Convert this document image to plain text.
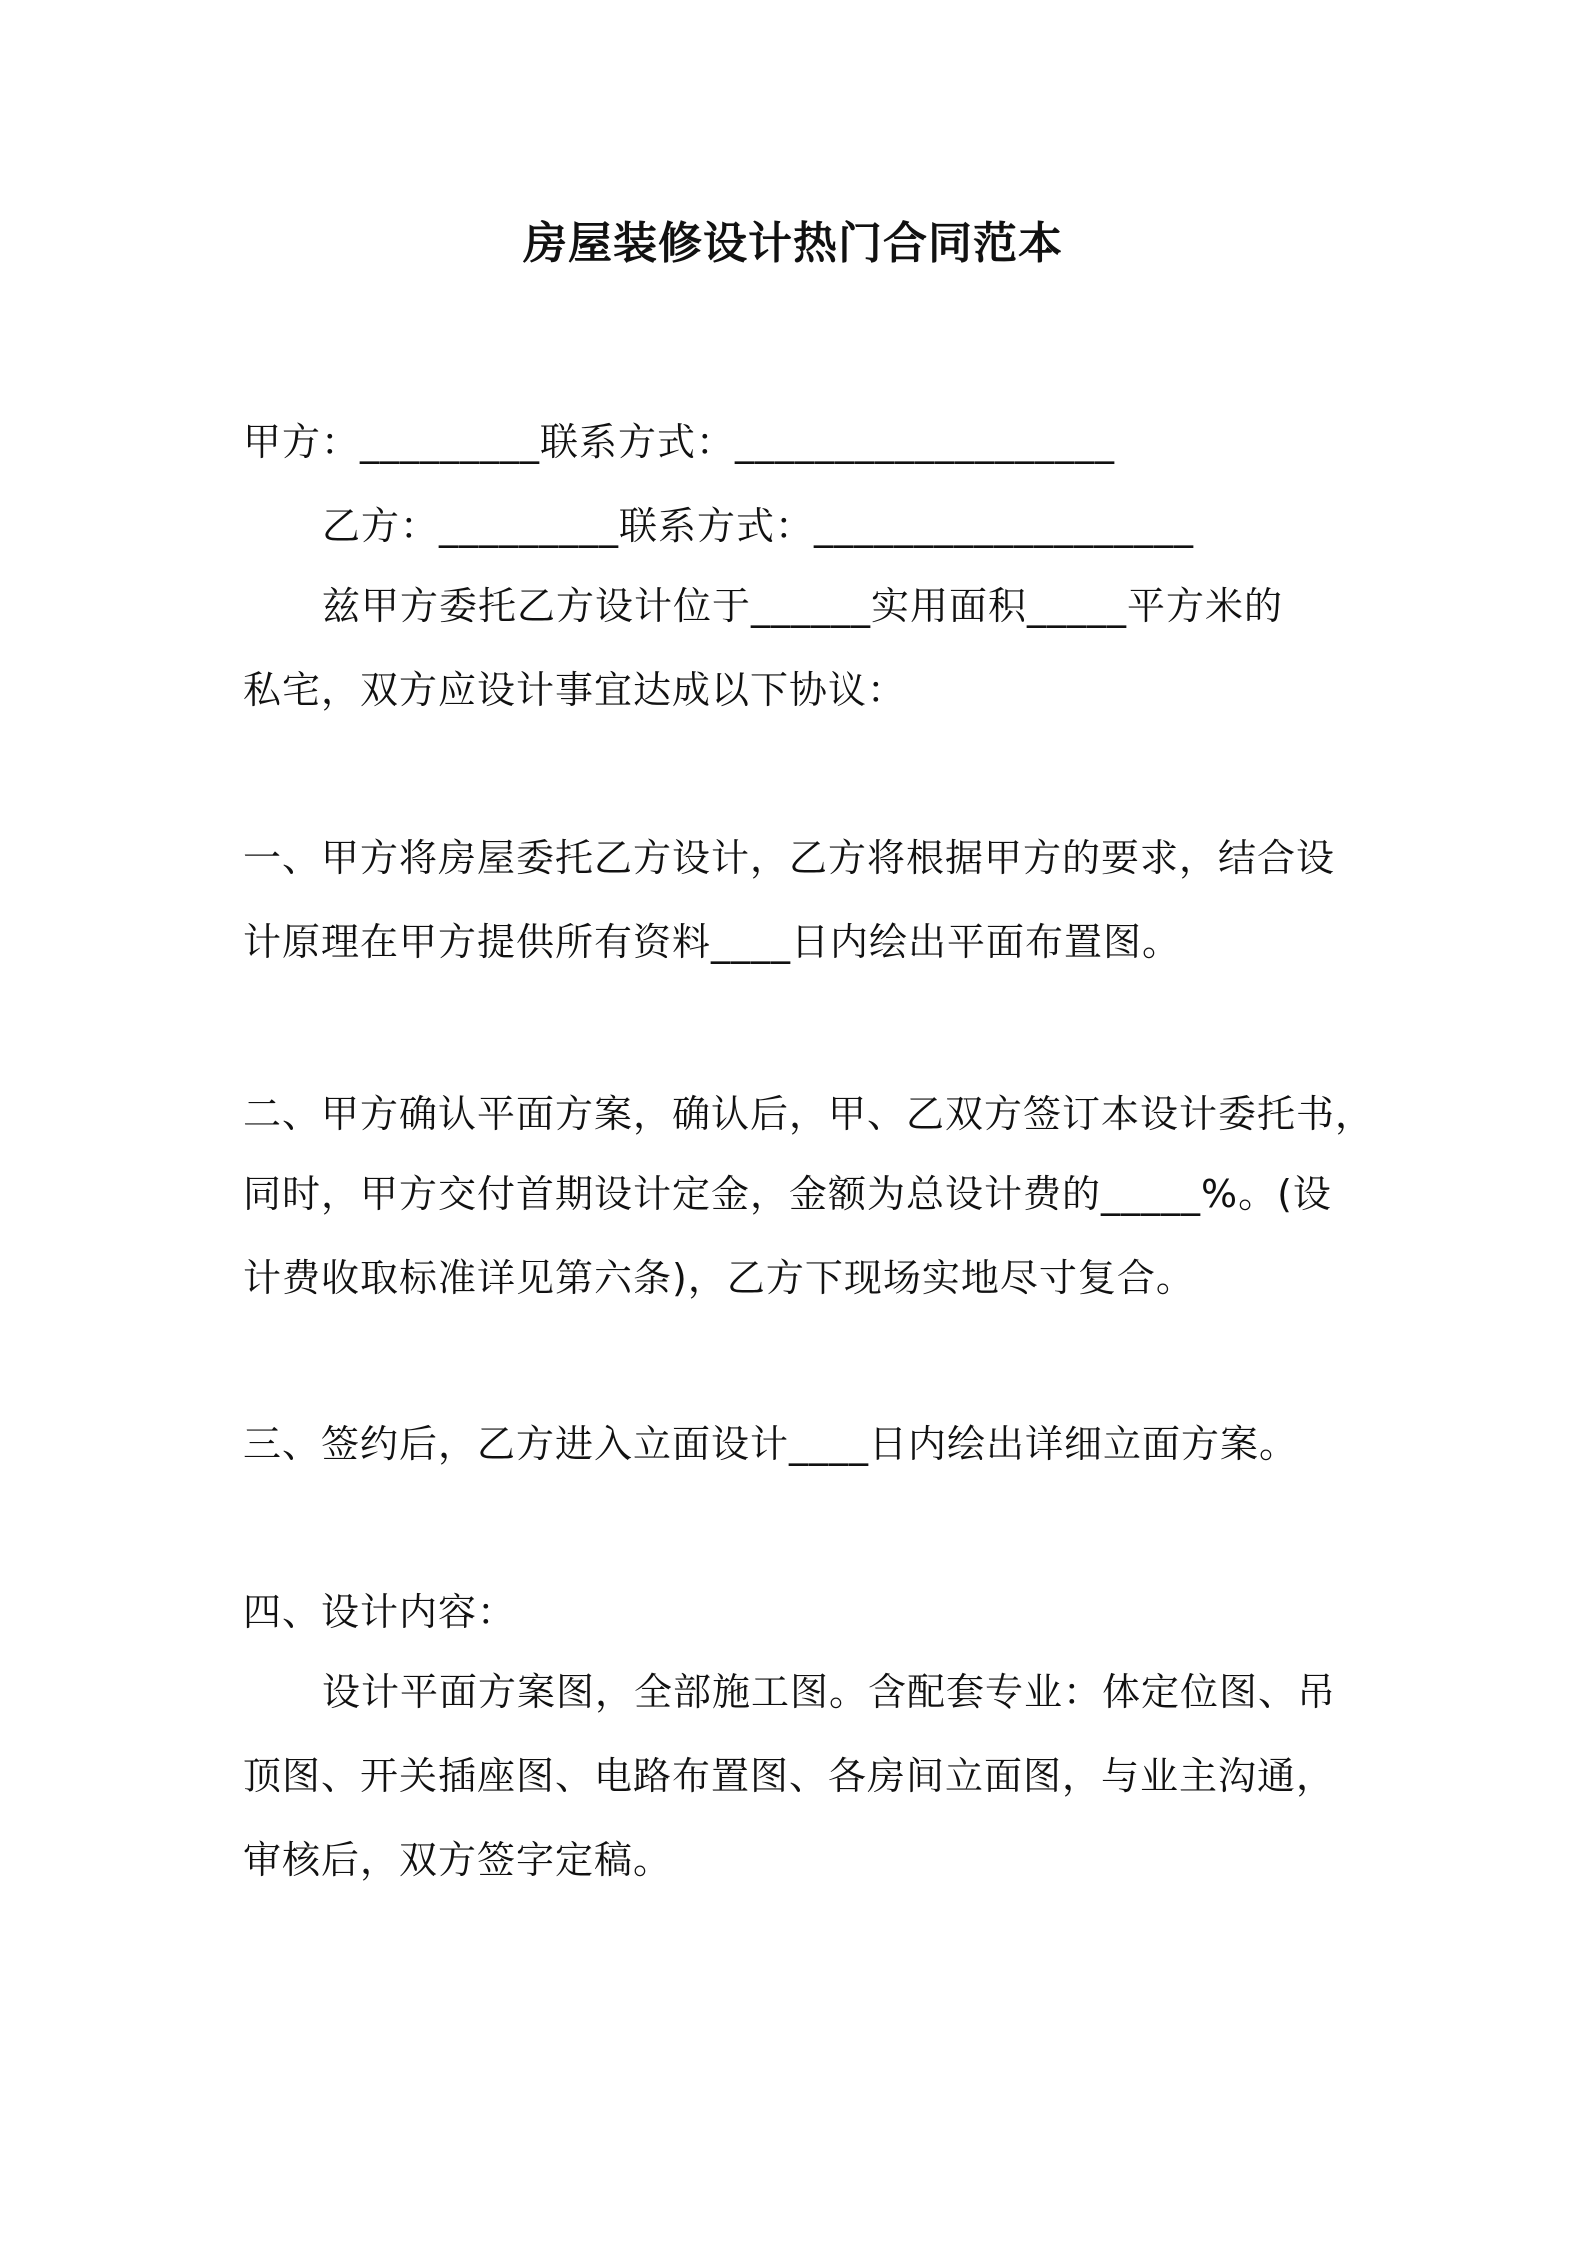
房屋装修设计热门合同范本
甲方：_________联系方式：___________________
乙方：_________联系方式：___________________
兹甲方委托乙方设计位于______实用面积_____平方米的
私宅，双方应设计事宜达成以下协议：
一、甲方将房屋委托乙方设计，乙方将根据甲方的要求，结合设
计原理在甲方提供所有资料____日内绘出平面布置图。
二、甲方确认平面方案，确认后，甲、乙双方签订本设计委托书，
同时，甲方交付首期设计定金，金额为总设计费的_____%。(设
计费收取标准详见第六条)，乙方下现场实地尽寸复合。
三、签约后，乙方进入立面设计____日内绘出详细立面方案。
四、设计内容：
设计平面方案图，全部施工图。含配套专业：体定位图、吊
顶图、开关插座图、电路布置图、各房间立面图，与业主沟通，
审核后，双方签字定稿。
